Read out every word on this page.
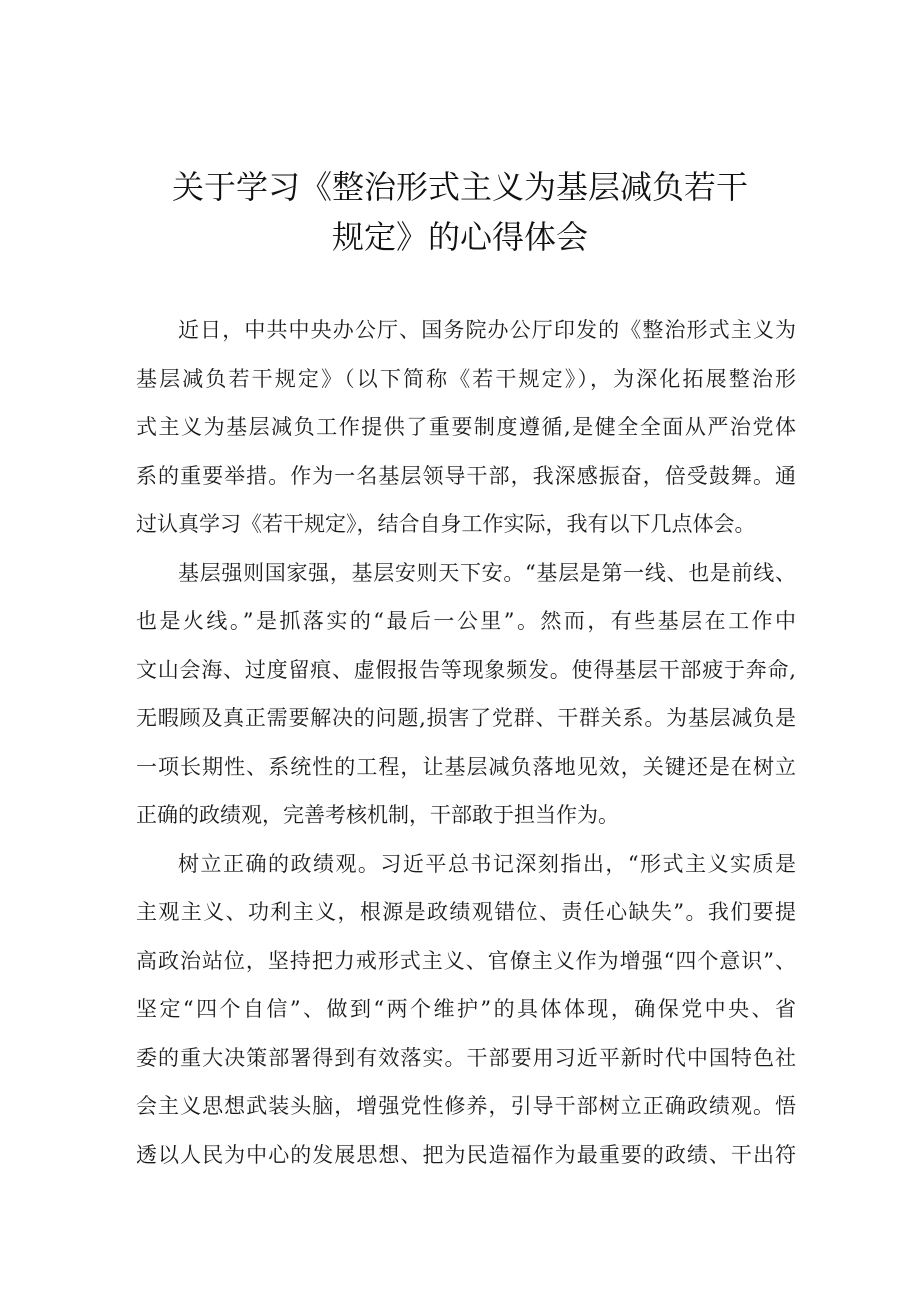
关于学习《整治形式主义为基层减负若干
规定》的心得体会
近日，中共中央办公厅、国务院办公厅印发的《整治形式主义为
基层减负若干规定》（以下简称《若干规定》），为深化拓展整治形
式主义为基层减负工作提供了重要制度遵循,是健全全面从严治党体
系的重要举措。作为一名基层领导干部，我深感振奋，倍受鼓舞。通
过认真学习《若干规定》，结合自身工作实际，我有以下几点体会。
基层强则国家强，基层安则天下安。“基层是第一线、也是前线、
也是火线。”是抓落实的“最后一公里”。然而，有些基层在工作中
文山会海、过度留痕、虚假报告等现象频发。使得基层干部疲于奔命,
无暇顾及真正需要解决的问题,损害了党群、干群关系。为基层减负是
一项长期性、系统性的工程，让基层减负落地见效，关键还是在树立
正确的政绩观，完善考核机制，干部敢于担当作为。
树立正确的政绩观。习近平总书记深刻指出，“形式主义实质是
主观主义、功利主义，根源是政绩观错位、责任心缺失”。我们要提
高政治站位，坚持把力戒形式主义、官僚主义作为增强“四个意识”、
坚定“四个自信”、做到“两个维护”的具体体现，确保党中央、省
委的重大决策部署得到有效落实。干部要用习近平新时代中国特色社
会主义思想武装头脑，增强党性修养，引导干部树立正确政绩观。悟
透以人民为中心的发展思想、把为民造福作为最重要的政绩、干出符
